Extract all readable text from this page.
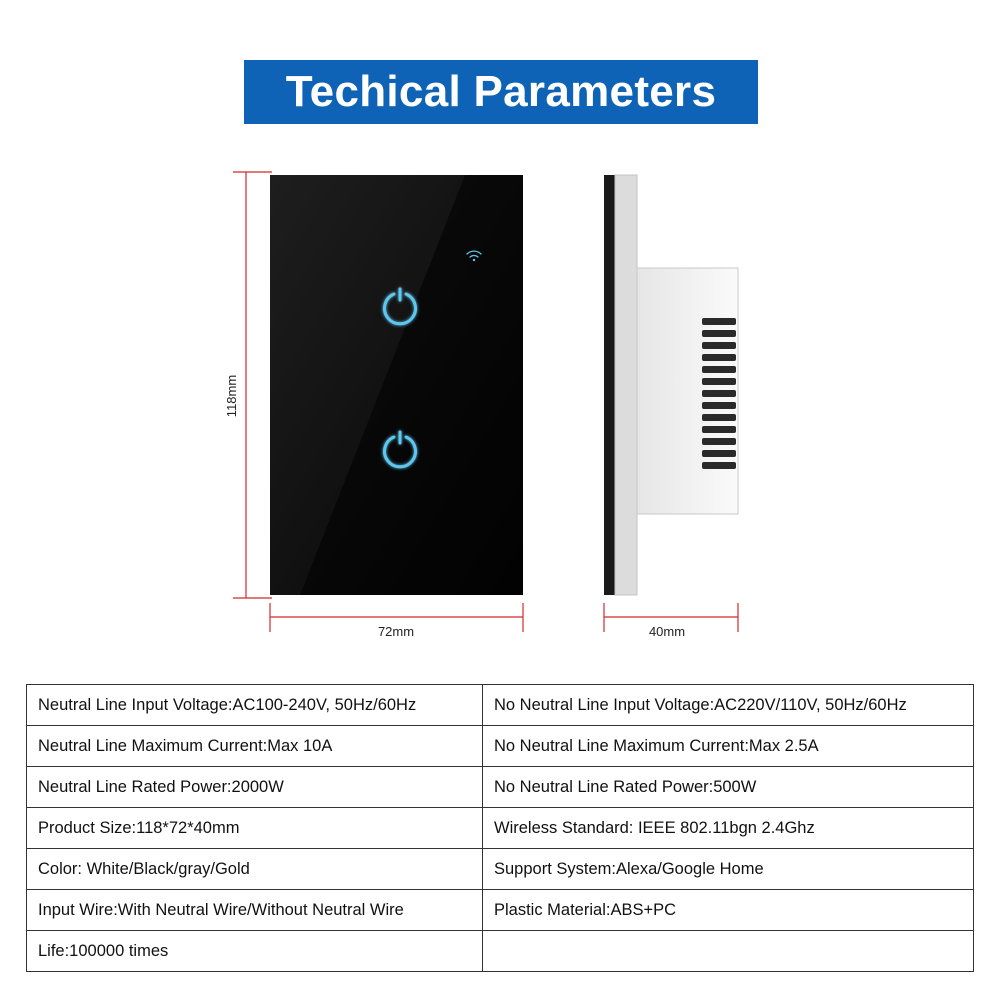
Techical Parameters
118mm
72mm	40mm
Neutral Line Input Voltage:AC100-240V, 50Hz/60Hz	No Neutral Line Input Voltage:AC220V/110V, 50Hz/60Hz
Neutral Line Maximum Current:Max 10A	No Neutral Line Maximum Current:Max 2.5A
Neutral Line Rated Power:2000W	No Neutral Line Rated Power:500W
Product Size:118*72*40mm	Wireless Standard: IEEE 802.11bgn 2.4Ghz
Color: White/Black/gray/Gold	Support System:Alexa/Google Home
Input Wire:With Neutral Wire/Without Neutral Wire	Plastic Material:ABS+PC
Life:100000 times	
